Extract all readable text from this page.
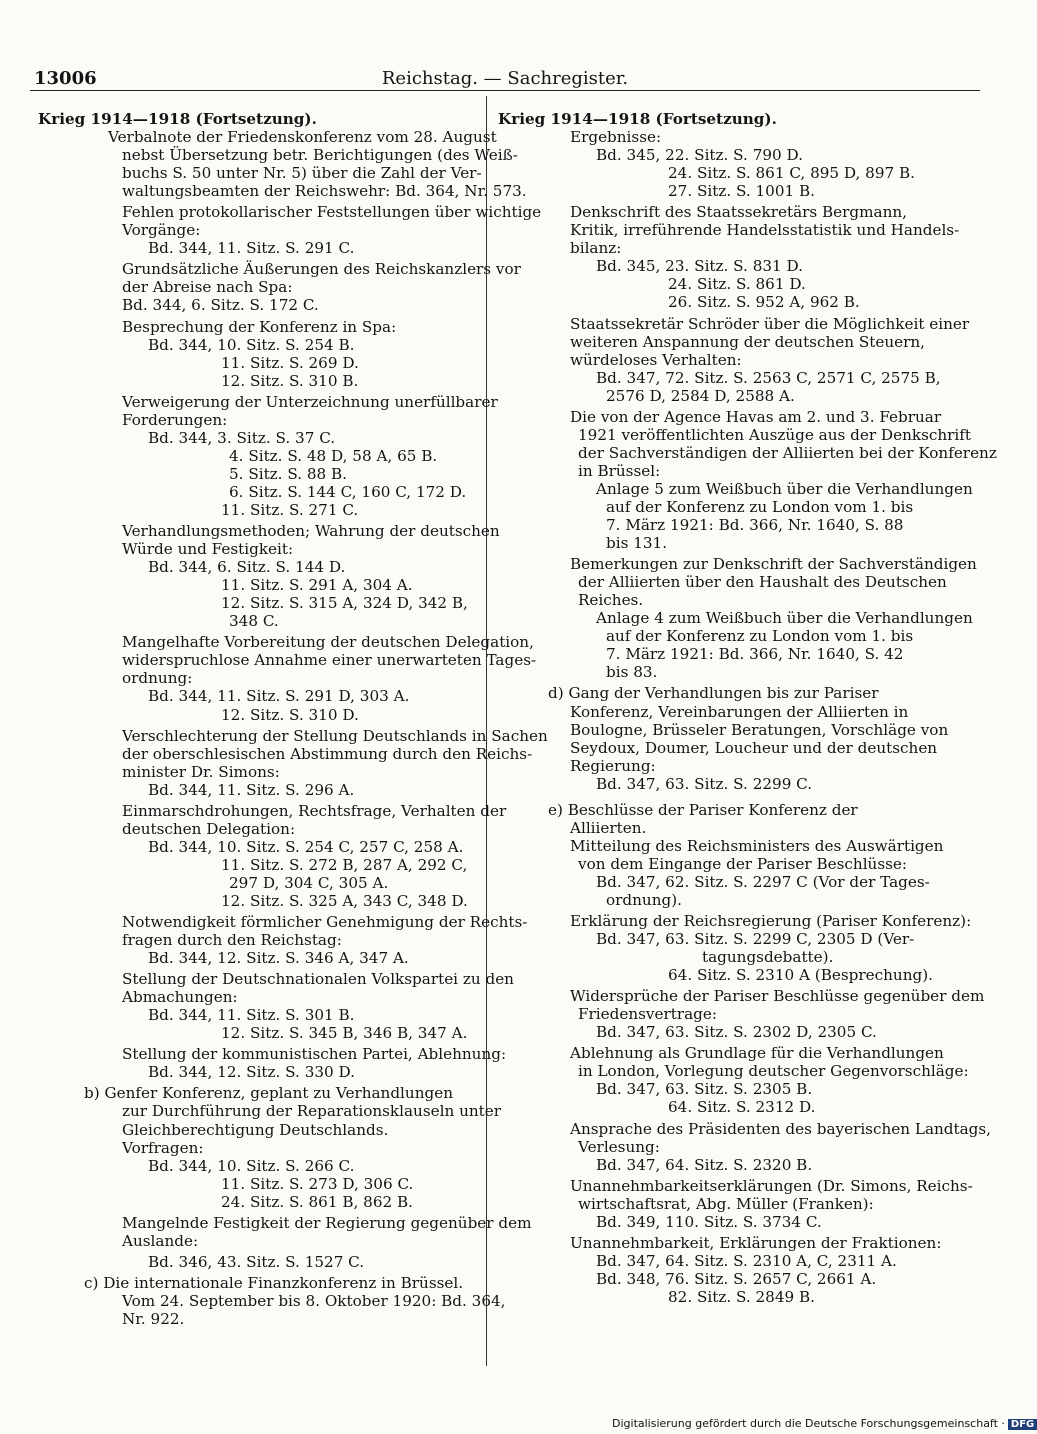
13006	Reichstag. — Sachregister.
Krieg 1914—1918 (Fortsetzung).
Verbalnote der Friedenskonferenz vom 28. August
nebst Übersetzung betr. Berichtigungen (des Weiß-
buchs S. 50 unter Nr. 5) über die Zahl der Ver-
waltungsbeamten der Reichswehr: Bd. 364, Nr. 573.
Fehlen protokollarischer Feststellungen über wichtige
Vorgänge:
Bd. 344, 11. Sitz. S. 291 C.
Grundsätzliche Äußerungen des Reichskanzlers vor
der Abreise nach Spa:
Bd. 344, 6. Sitz. S. 172 C.
Besprechung der Konferenz in Spa:
Bd. 344, 10. Sitz. S. 254 B.
11. Sitz. S. 269 D.
12. Sitz. S. 310 B.
Verweigerung der Unterzeichnung unerfüllbarer
Forderungen:
Bd. 344, 3. Sitz. S. 37 C.
4. Sitz. S. 48 D, 58 A, 65 B.
5. Sitz. S. 88 B.
6. Sitz. S. 144 C, 160 C, 172 D.
11. Sitz. S. 271 C.
Verhandlungsmethoden; Wahrung der deutschen
Würde und Festigkeit:
Bd. 344, 6. Sitz. S. 144 D.
11. Sitz. S. 291 A, 304 A.
12. Sitz. S. 315 A, 324 D, 342 B,
348 C.
Mangelhafte Vorbereitung der deutschen Delegation,
widerspruchlose Annahme einer unerwarteten Tages-
ordnung:
Bd. 344, 11. Sitz. S. 291 D, 303 A.
12. Sitz. S. 310 D.
Verschlechterung der Stellung Deutschlands in Sachen
der oberschlesischen Abstimmung durch den Reichs-
minister Dr. Simons:
Bd. 344, 11. Sitz. S. 296 A.
Einmarschdrohungen, Rechtsfrage, Verhalten der
deutschen Delegation:
Bd. 344, 10. Sitz. S. 254 C, 257 C, 258 A.
11. Sitz. S. 272 B, 287 A, 292 C,
297 D, 304 C, 305 A.
12. Sitz. S. 325 A, 343 C, 348 D.
Notwendigkeit förmlicher Genehmigung der Rechts-
fragen durch den Reichstag:
Bd. 344, 12. Sitz. S. 346 A, 347 A.
Stellung der Deutschnationalen Volkspartei zu den
Abmachungen:
Bd. 344, 11. Sitz. S. 301 B.
12. Sitz. S. 345 B, 346 B, 347 A.
Stellung der kommunistischen Partei, Ablehnung:
Bd. 344, 12. Sitz. S. 330 D.
b) Genfer Konferenz, geplant zu Verhandlungen
zur Durchführung der Reparationsklauseln unter
Gleichberechtigung Deutschlands.
Vorfragen:
Bd. 344, 10. Sitz. S. 266 C.
11. Sitz. S. 273 D, 306 C.
24. Sitz. S. 861 B, 862 B.
Mangelnde Festigkeit der Regierung gegenüber dem
Auslande:
Bd. 346, 43. Sitz. S. 1527 C.
c) Die internationale Finanzkonferenz in Brüssel.
Vom 24. September bis 8. Oktober 1920: Bd. 364,
Nr. 922.
Krieg 1914—1918 (Fortsetzung).
Ergebnisse:
Bd. 345, 22. Sitz. S. 790 D.
24. Sitz. S. 861 C, 895 D, 897 B.
27. Sitz. S. 1001 B.
Denkschrift des Staatssekretärs Bergmann,
Kritik, irreführende Handelsstatistik und Handels-
bilanz:
Bd. 345, 23. Sitz. S. 831 D.
24. Sitz. S. 861 D.
26. Sitz. S. 952 A, 962 B.
Staatssekretär Schröder über die Möglichkeit einer
weiteren Anspannung der deutschen Steuern,
würdeloses Verhalten:
Bd. 347, 72. Sitz. S. 2563 C, 2571 C, 2575 B,
2576 D, 2584 D, 2588 A.
Die von der Agence Havas am 2. und 3. Februar
1921 veröffentlichten Auszüge aus der Denkschrift
der Sachverständigen der Alliierten bei der Konferenz
in Brüssel:
Anlage 5 zum Weißbuch über die Verhandlungen
auf der Konferenz zu London vom 1. bis
7. März 1921: Bd. 366, Nr. 1640, S. 88
bis 131.
Bemerkungen zur Denkschrift der Sachverständigen
der Alliierten über den Haushalt des Deutschen
Reiches.
Anlage 4 zum Weißbuch über die Verhandlungen
auf der Konferenz zu London vom 1. bis
7. März 1921: Bd. 366, Nr. 1640, S. 42
bis 83.
d) Gang der Verhandlungen bis zur Pariser
Konferenz, Vereinbarungen der Alliierten in
Boulogne, Brüsseler Beratungen, Vorschläge von
Seydoux, Doumer, Loucheur und der deutschen
Regierung:
Bd. 347, 63. Sitz. S. 2299 C.
e) Beschlüsse der Pariser Konferenz der
Alliierten.
Mitteilung des Reichsministers des Auswärtigen
von dem Eingange der Pariser Beschlüsse:
Bd. 347, 62. Sitz. S. 2297 C (Vor der Tages-
ordnung).
Erklärung der Reichsregierung (Pariser Konferenz):
Bd. 347, 63. Sitz. S. 2299 C, 2305 D (Ver-
tagungsdebatte).
64. Sitz. S. 2310 A (Besprechung).
Widersprüche der Pariser Beschlüsse gegenüber dem
Friedensvertrage:
Bd. 347, 63. Sitz. S. 2302 D, 2305 C.
Ablehnung als Grundlage für die Verhandlungen
in London, Vorlegung deutscher Gegenvorschläge:
Bd. 347, 63. Sitz. S. 2305 B.
64. Sitz. S. 2312 D.
Ansprache des Präsidenten des bayerischen Landtags,
Verlesung:
Bd. 347, 64. Sitz. S. 2320 B.
Unannehmbarkeitserklärungen (Dr. Simons, Reichs-
wirtschaftsrat, Abg. Müller (Franken):
Bd. 349, 110. Sitz. S. 3734 C.
Unannehmbarkeit, Erklärungen der Fraktionen:
Bd. 347, 64. Sitz. S. 2310 A, C, 2311 A.
Bd. 348, 76. Sitz. S. 2657 C, 2661 A.
82. Sitz. S. 2849 B.
Digitalisierung gefördert durch die Deutsche Forschungsgemeinschaft · DFG
